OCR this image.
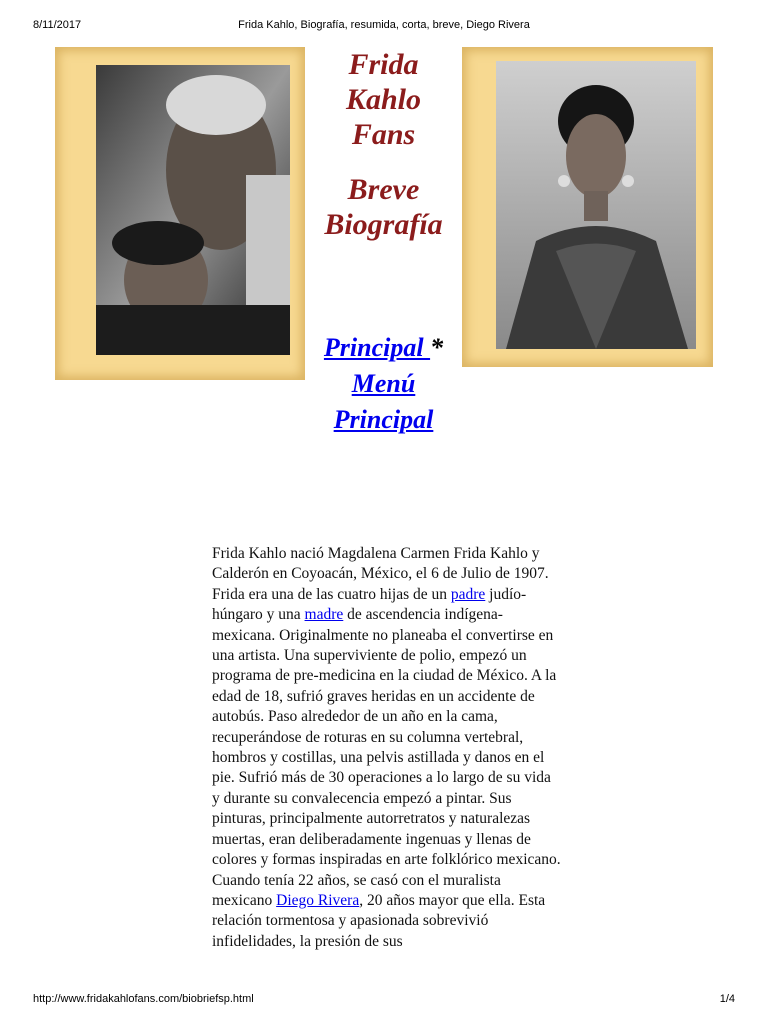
8/11/2017	Frida Kahlo, Biografía, resumida, corta, breve, Diego Rivera
Frida
Kahlo
Fans
Breve
Biografía
Principal *
Menú
Principal
Frida Kahlo nació Magdalena Carmen Frida Kahlo y Calderón en Coyoacán, México, el 6 de Julio de 1907. Frida era una de las cuatro hijas de un padre judío-húngaro y una madre de ascendencia indígena-mexicana. Originalmente no planeaba el convertirse en una artista. Una superviviente de polio, empezó un programa de pre-medicina en la ciudad de México. A la edad de 18, sufrió graves heridas en un accidente de autobús. Paso alrededor de un año en la cama, recuperándose de roturas en su columna vertebral, hombros y costillas, una pelvis astillada y danos en el pie. Sufrió más de 30 operaciones a lo largo de su vida y durante su convalecencia empezó a pintar. Sus pinturas, principalmente autorretratos y naturalezas muertas, eran deliberadamente ingenuas y llenas de colores y formas inspiradas en arte folklórico mexicano. Cuando tenía 22 años, se casó con el muralista mexicano Diego Rivera, 20 años mayor que ella. Esta relación tormentosa y apasionada sobrevivió infidelidades, la presión de sus
http://www.fridakahlofans.com/biobriefsp.html	1/4
